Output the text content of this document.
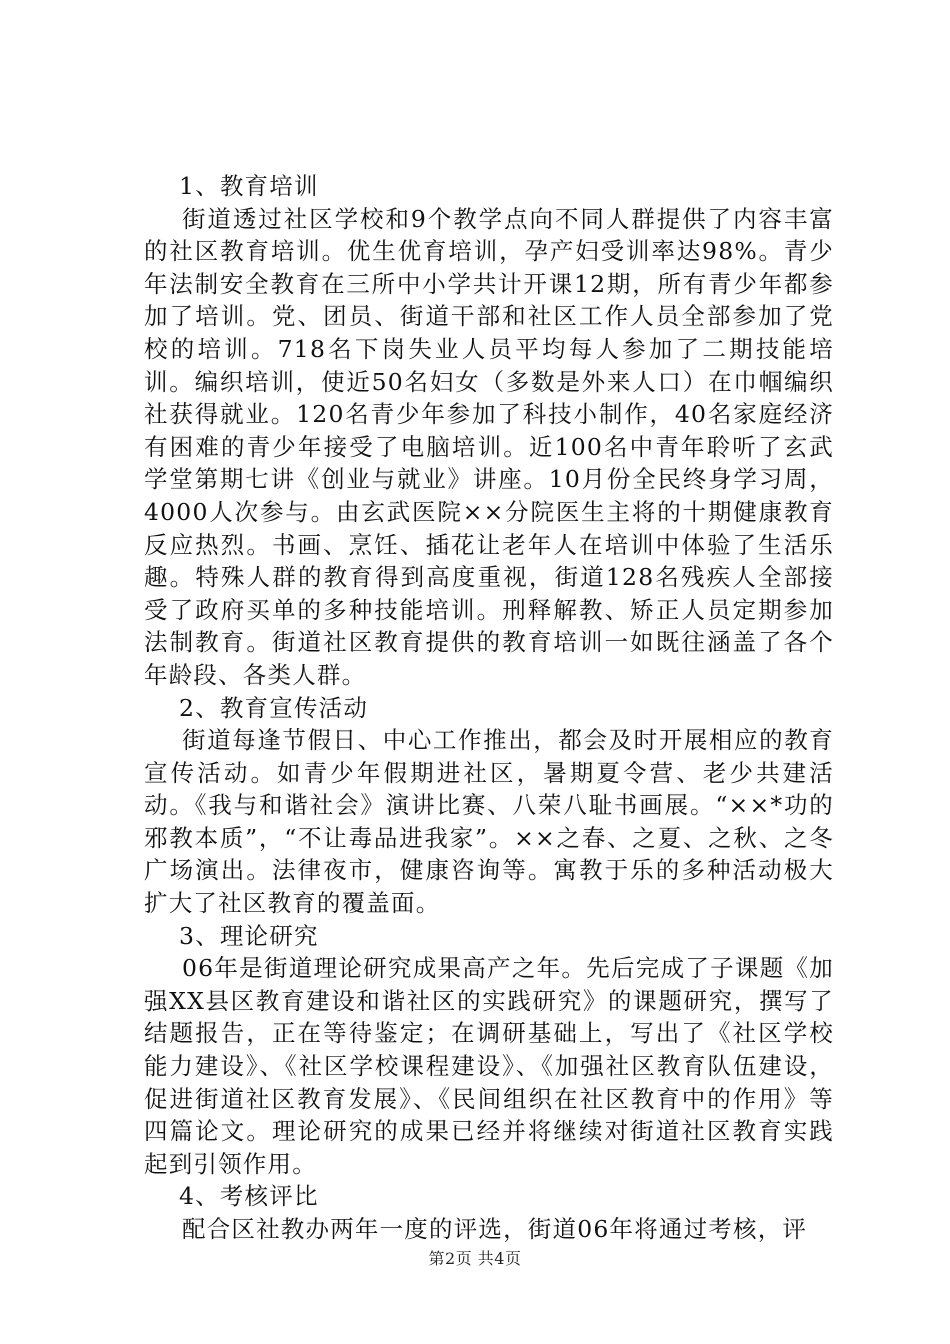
1、教育培训

街道透过社区学校和9个教学点向不同人群提供了内容丰富的社区教育培训。优生优育培训，孕产妇受训率达98%。青少年法制安全教育在三所中小学共计开课12期，所有青少年都参加了培训。党、团员、街道干部和社区工作人员全部参加了党校的培训。718名下岗失业人员平均每人参加了二期技能培训。编织培训，使近50名妇女（多数是外来人口）在巾帼编织社获得就业。120名青少年参加了科技小制作，40名家庭经济有困难的青少年接受了电脑培训。近100名中青年聆听了玄武学堂第期七讲《创业与就业》讲座。10月份全民终身学习周，4000人次参与。由玄武医院××分院医生主将的十期健康教育反应热烈。书画、烹饪、插花让老年人在培训中体验了生活乐趣。特殊人群的教育得到高度重视，街道128名残疾人全部接受了政府买单的多种技能培训。刑释解教、矫正人员定期参加法制教育。街道社区教育提供的教育培训一如既往涵盖了各个年龄段、各类人群。

2、教育宣传活动

街道每逢节假日、中心工作推出，都会及时开展相应的教育宣传活动。如青少年假期进社区，暑期夏令营、老少共建活动。《我与和谐社会》演讲比赛、八荣八耻书画展。“××*功的邪教本质”，“不让毒品进我家”。××之春、之夏、之秋、之冬广场演出。法律夜市，健康咨询等。寓教于乐的多种活动极大扩大了社区教育的覆盖面。

3、理论研究

06年是街道理论研究成果高产之年。先后完成了子课题《加强XX县区教育建设和谐社区的实践研究》的课题研究，撰写了结题报告，正在等待鉴定；在调研基础上，写出了《社区学校能力建设》、《社区学校课程建设》、《加强社区教育队伍建设，促进街道社区教育发展》、《民间组织在社区教育中的作用》等四篇论文。理论研究的成果已经并将继续对街道社区教育实践起到引领作用。

4、考核评比

配合区社教办两年一度的评选，街道06年将通过考核，评

第2页 共4页
